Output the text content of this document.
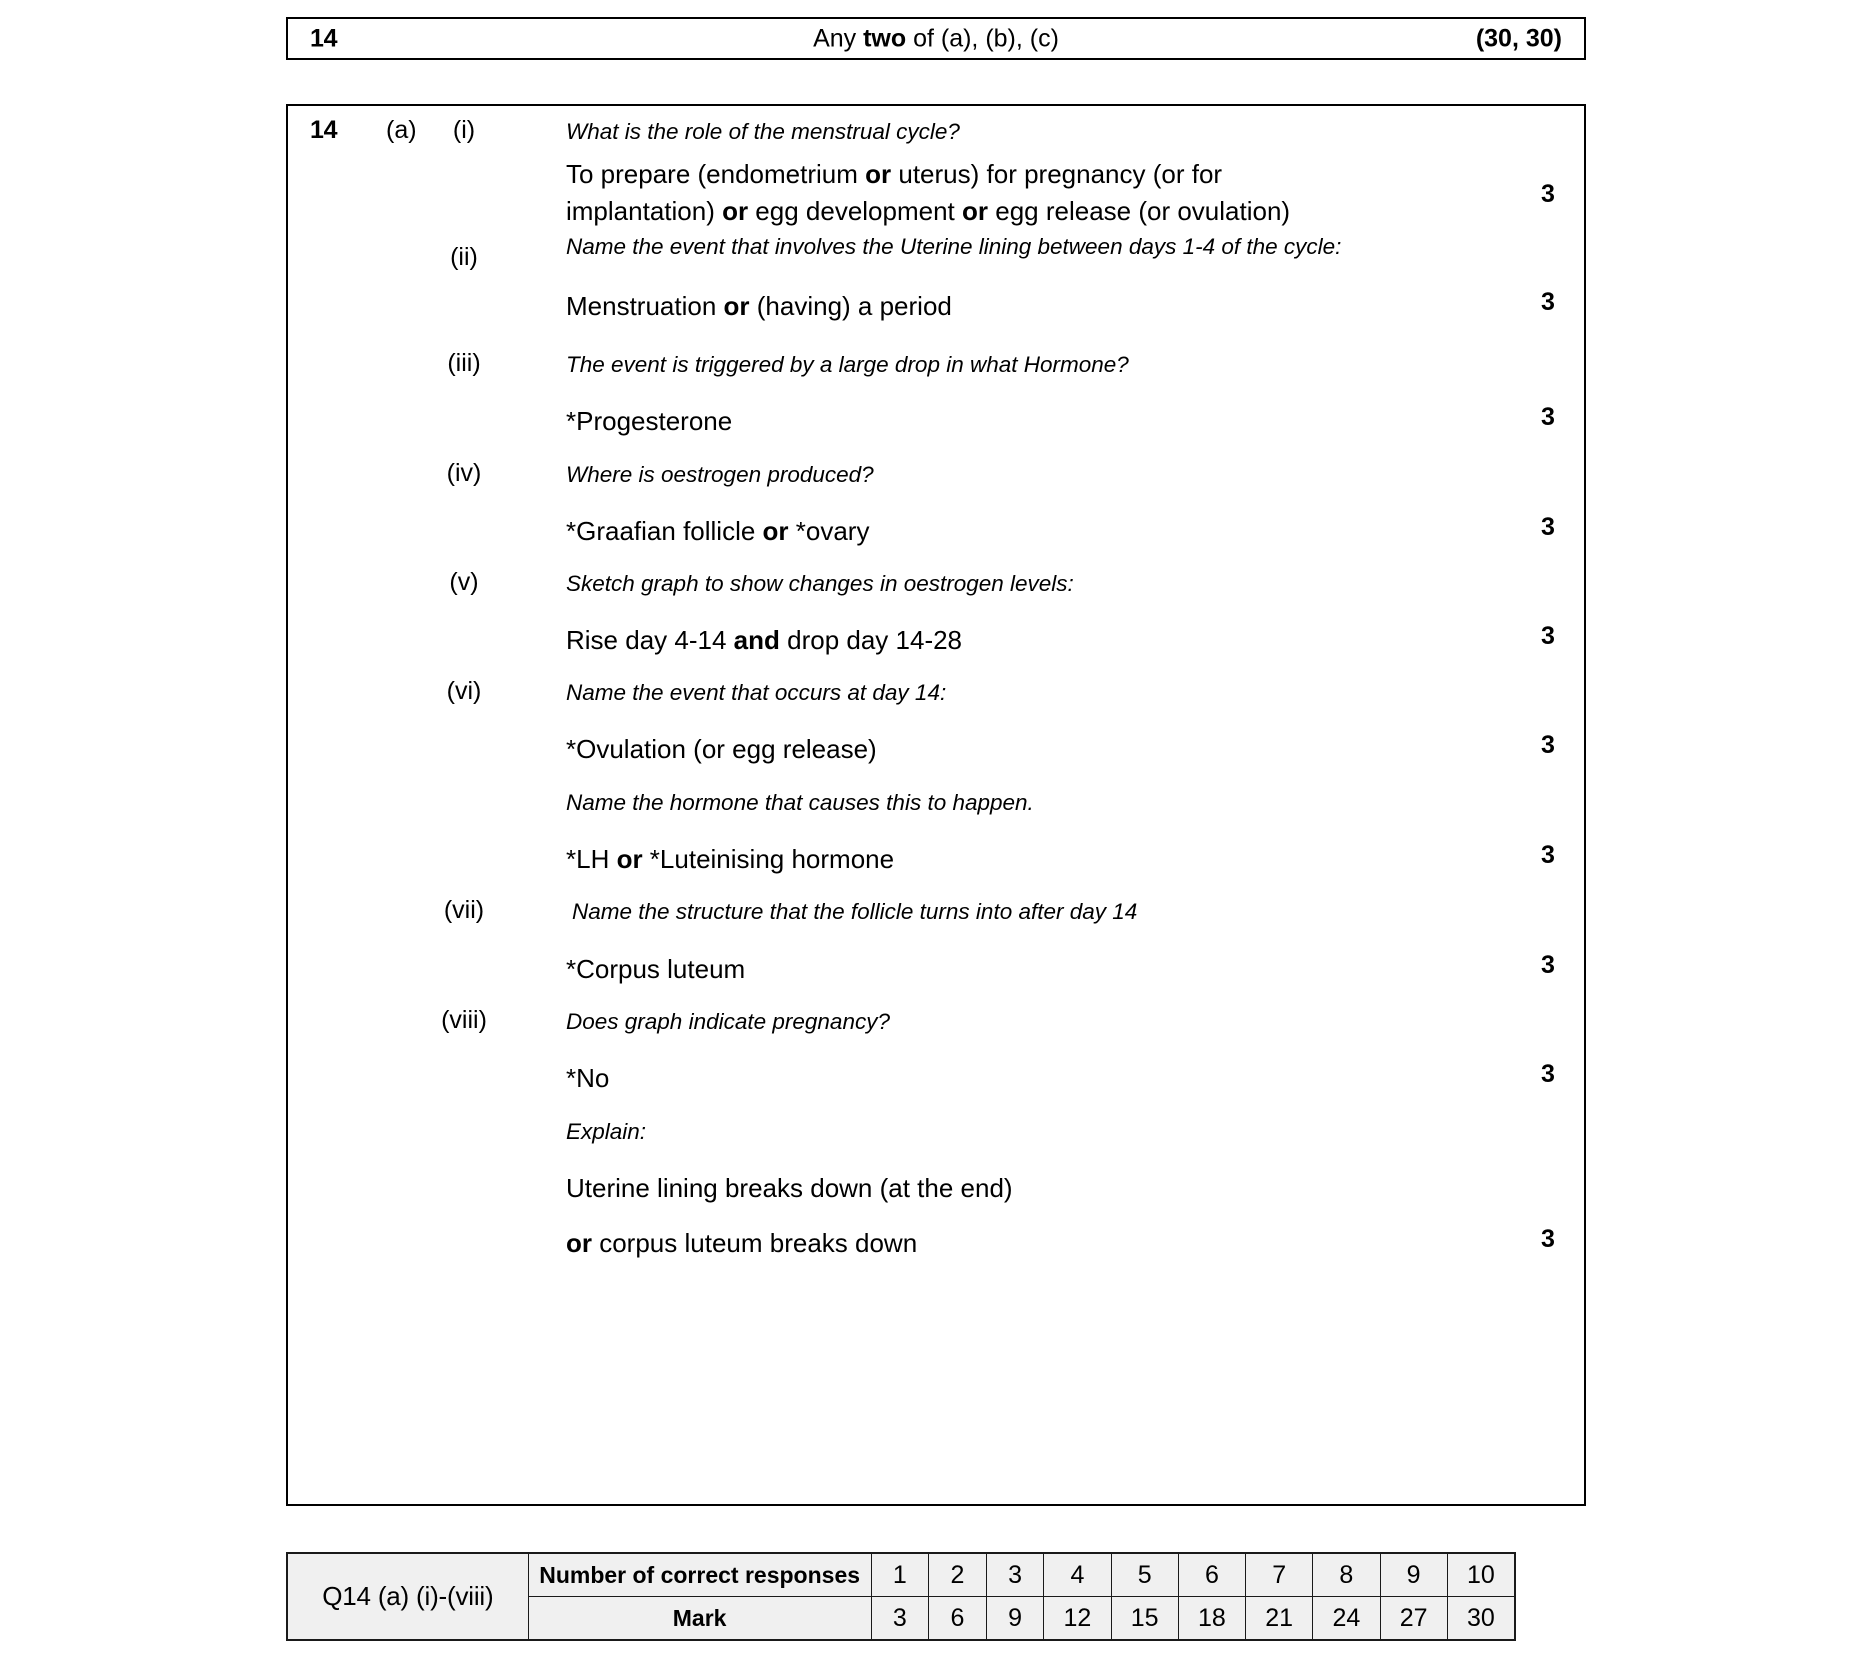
14	Any two of (a), (b), (c)	(30, 30)
14	(a)	(i)	What is the role of the menstrual cycle?
To prepare (endometrium or uterus) for pregnancy (or for
implantation) or egg development or egg release (or ovulation)
3
(ii)	Name the event that involves the Uterine lining between days 1-4 of the cycle:
Menstruation or (having) a period	3
(iii)	The event is triggered by a large drop in what Hormone?
*Progesterone	3
(iv)	Where is oestrogen produced?
*Graafian follicle or *ovary	3
(v)	Sketch graph to show changes in oestrogen levels:
Rise day 4-14 and drop day 14-28	3
(vi)	Name the event that occurs at day 14:
*Ovulation (or egg release)	3
Name the hormone that causes this to happen.
*LH or *Luteinising hormone	3
(vii)	Name the structure that the follicle turns into after day 14
*Corpus luteum	3
(viii)	Does graph indicate pregnancy?
*No	3
Explain:
Uterine lining breaks down (at the end)
or corpus luteum breaks down	3
Q14 (a) (i)-(viii)	Number of correct responses	1	2	3	4	5	6	7	8	9	10
	Mark	3	6	9	12	15	18	21	24	27	30
